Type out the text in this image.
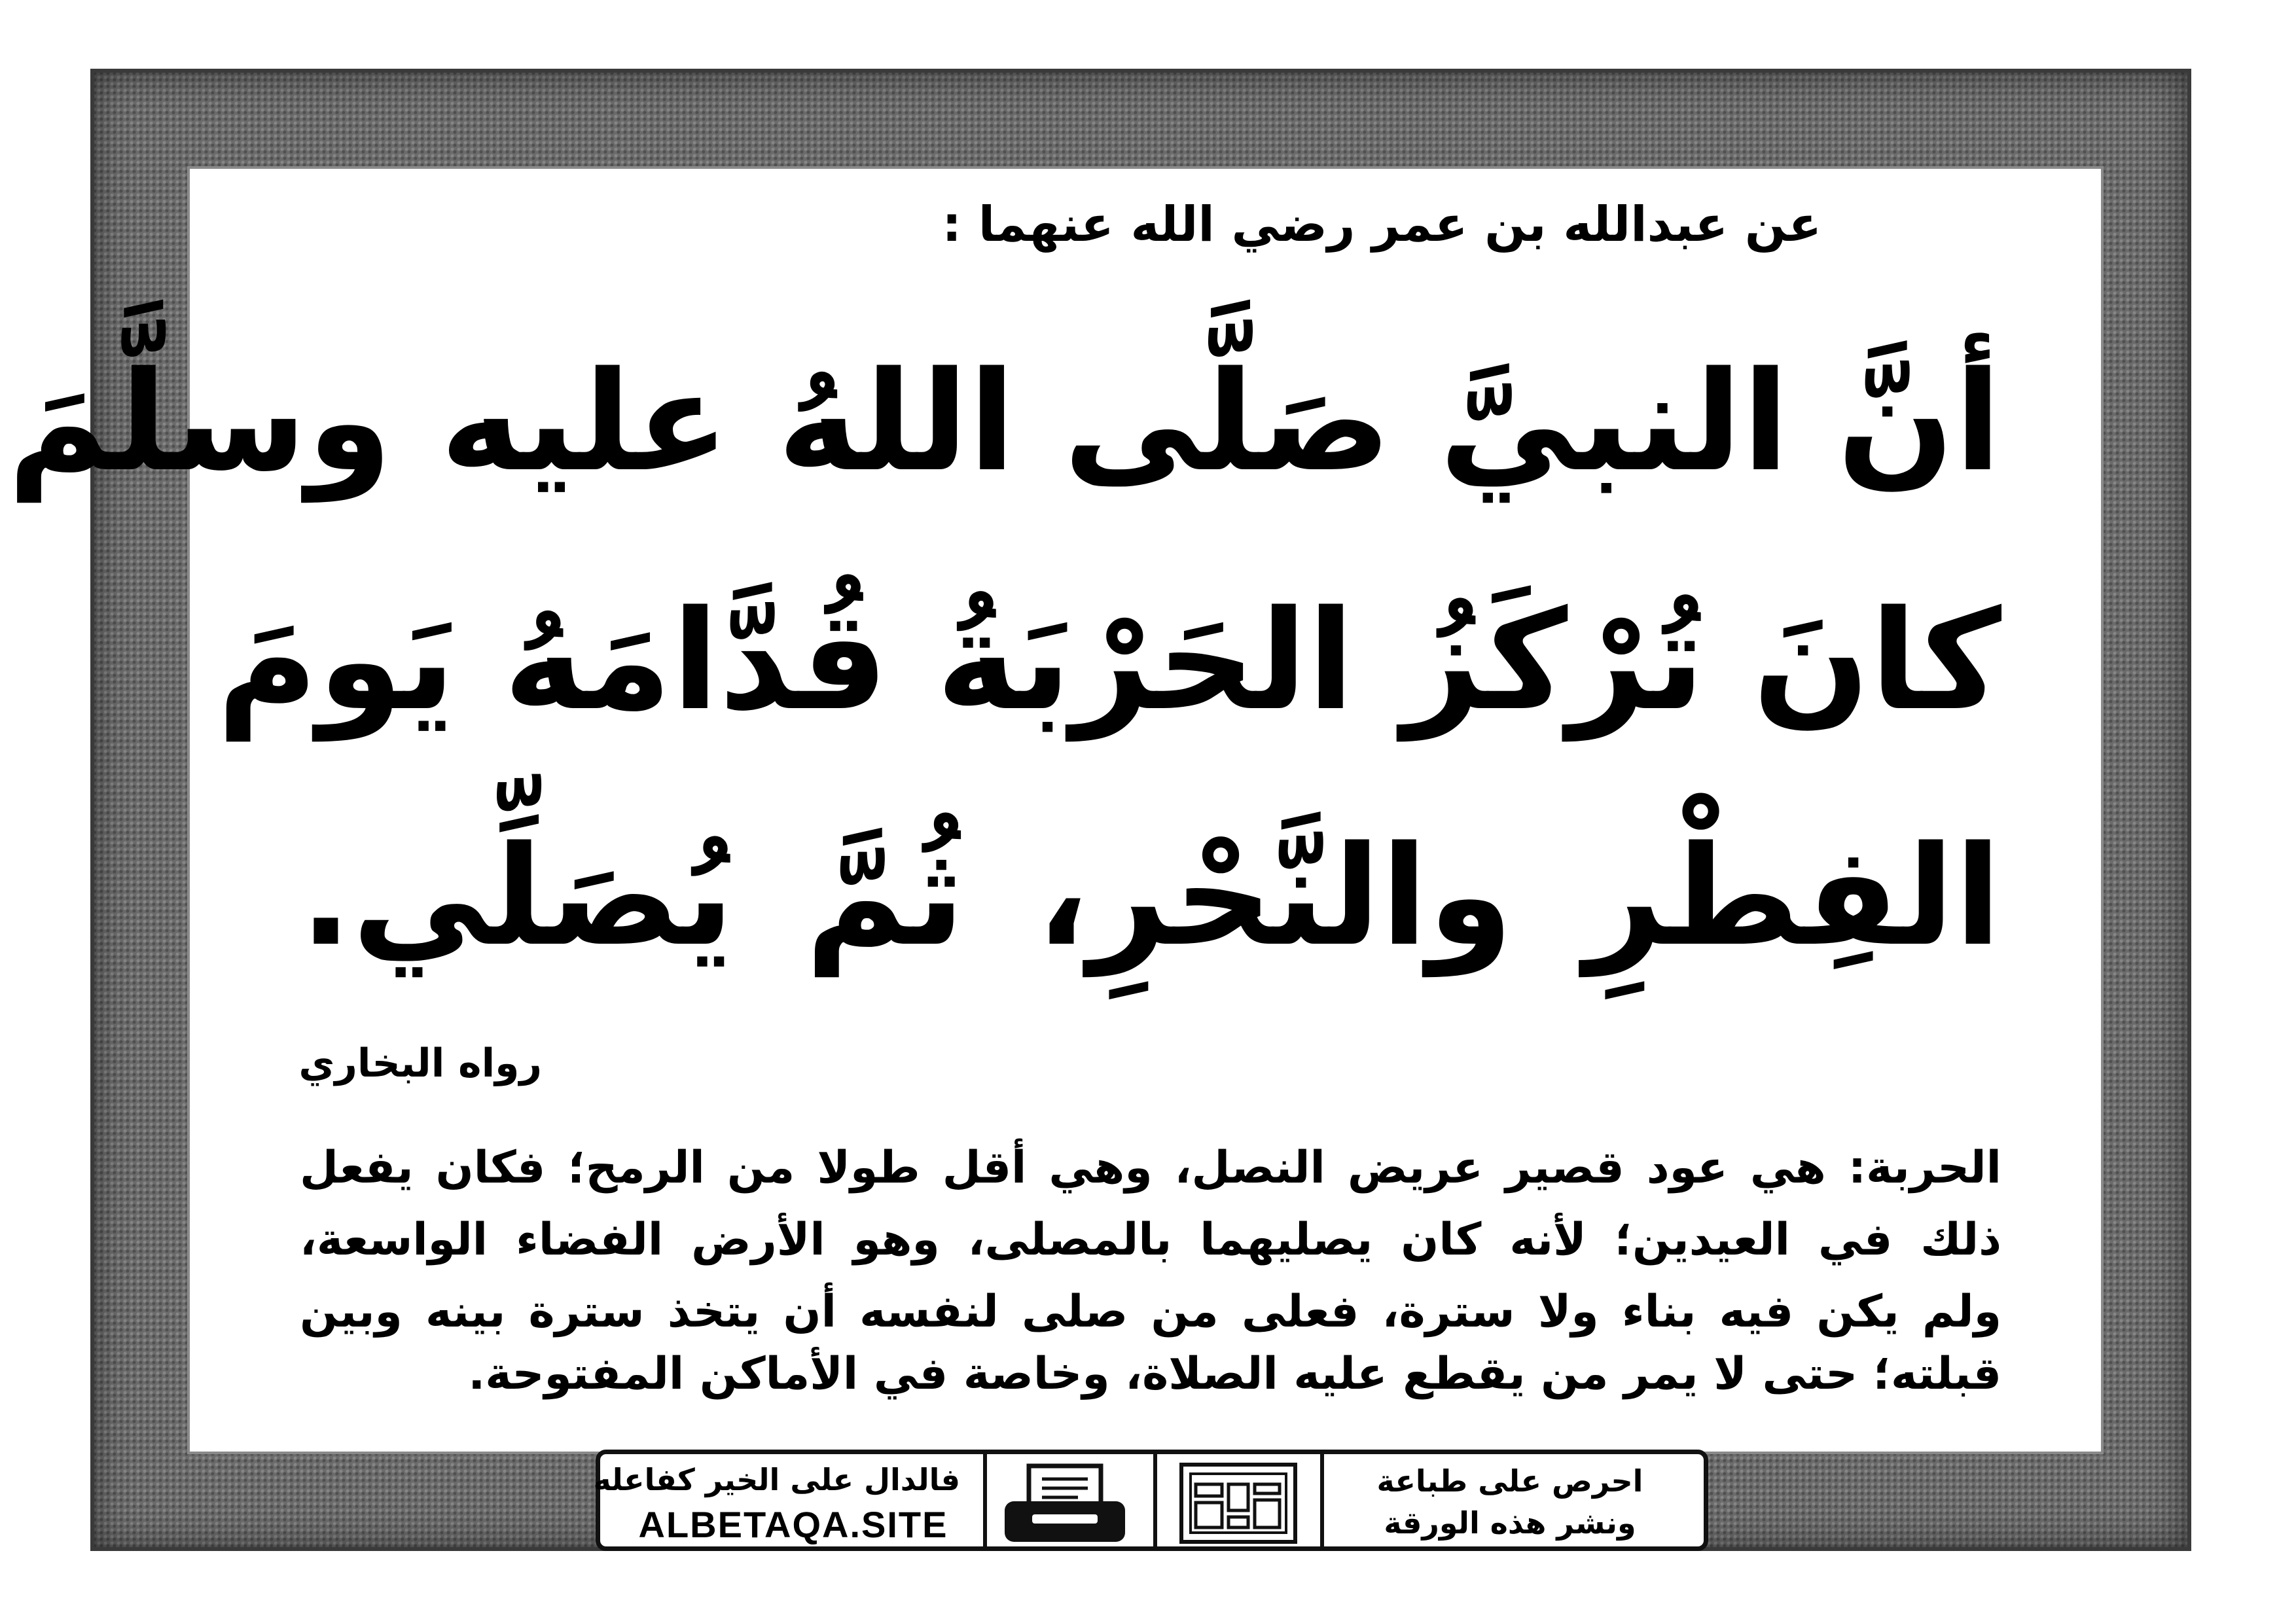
عن عبدالله بن عمر رضي الله عنهما :
أنَّ النبيَّ صَلَّى اللهُ عليه وسلَّمَ
كانَ تُرْكَزُ الحَرْبَةُ قُدَّامَهُ يَومَ
الفِطْرِ والنَّحْرِ، ثُمَّ يُصَلِّي.
رواه البخاري
الحربة: هي عود قصير عريض النصل، وهي أقل طولا من الرمح؛ فكان يفعل
ذلك في العيدين؛ لأنه كان يصليهما بالمصلى، وهو الأرض الفضاء الواسعة،
ولم يكن فيه بناء ولا سترة، فعلى من صلى لنفسه أن يتخذ سترة بينه وبين
قبلته؛ حتى لا يمر من يقطع عليه الصلاة، وخاصة في الأماكن المفتوحة.
فالدال على الخير كفاعله
ALBETAQA.SITE
احرص على طباعة
ونشر هذه الورقة
